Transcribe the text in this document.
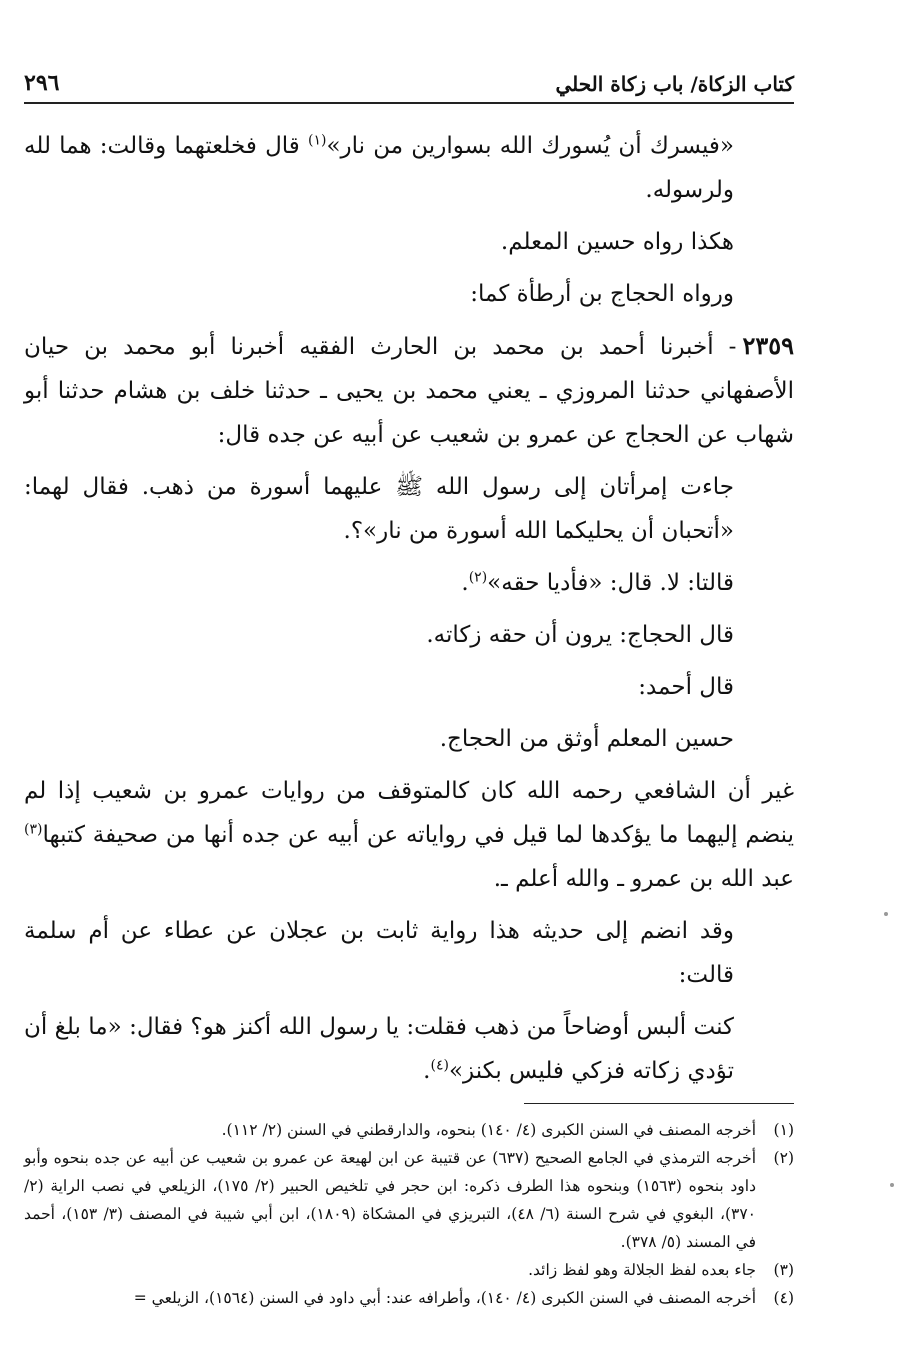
كتاب الزكاة/ باب زكاة الحلي
٢٩٦

«فيسرك أن يُسورك الله بسوارين من نار»$^{(١)}$ قال فخلعتهما وقالت: هما لله ولرسوله.

هكذا رواه حسين المعلم.

ورواه الحجاج بن أرطأة كما:

٢٣٥٩- أخبرنا أحمد بن محمد بن الحارث الفقيه أخبرنا أبو محمد بن حيان الأصفهاني حدثنا المروزي ـ يعني محمد بن يحيى ـ حدثنا خلف بن هشام حدثنا أبو شهاب عن الحجاج عن عمرو بن شعيب عن أبيه عن جده قال:

جاءت إمرأتان إلى رسول الله ﷺ عليهما أسورة من ذهب. فقال لهما: «أتحبان أن يحليكما الله أسورة من نار»؟.

قالتا: لا. قال: «فأديا حقه»$^{(٢)}$.

قال الحجاج: يرون أن حقه زكاته.

قال أحمد:

حسين المعلم أوثق من الحجاج.

غير أن الشافعي رحمه الله كان كالمتوقف من روايات عمرو بن شعيب إذا لم ينضم إليهما ما يؤكدها لما قيل في رواياته عن أبيه عن جده أنها من صحيفة كتبها$^{(٣)}$ عبد الله بن عمرو ـ والله أعلم ـ.

وقد انضم إلى حديثه هذا رواية ثابت بن عجلان عن عطاء عن أم سلمة قالت:

كنت ألبس أوضاحاً من ذهب فقلت: يا رسول الله أكنز هو؟ فقال: «ما بلغ أن تؤدي زكاته فزكي فليس بكنز»$^{(٤)}$.

(١)
أخرجه المصنف في السنن الكبرى (٤/ ١٤٠) بنحوه، والدارقطني في السنن (٢/ ١١٢).
(٢)
أخرجه الترمذي في الجامع الصحيح (٦٣٧) عن قتيبة عن ابن لهيعة عن عمرو بن شعيب عن أبيه عن جده بنحوه وأبو داود بنحوه (١٥٦٣) وبنحوه هذا الطرف ذكره: ابن حجر في تلخيص الحبير (٢/ ١٧٥)، الزيلعي في نصب الراية (٢/ ٣٧٠)، البغوي في شرح السنة (٦/ ٤٨)، التبريزي في المشكاة (١٨٠٩)، ابن أبي شيبة في المصنف (٣/ ١٥٣)، أحمد في المسند (٥/ ٣٧٨).
(٣)
جاء بعده لفظ الجلالة وهو لفظ زائد.
(٤)
أخرجه المصنف في السنن الكبرى (٤/ ١٤٠)، وأطرافه عند: أبي داود في السنن (١٥٦٤)، الزيلعي =
